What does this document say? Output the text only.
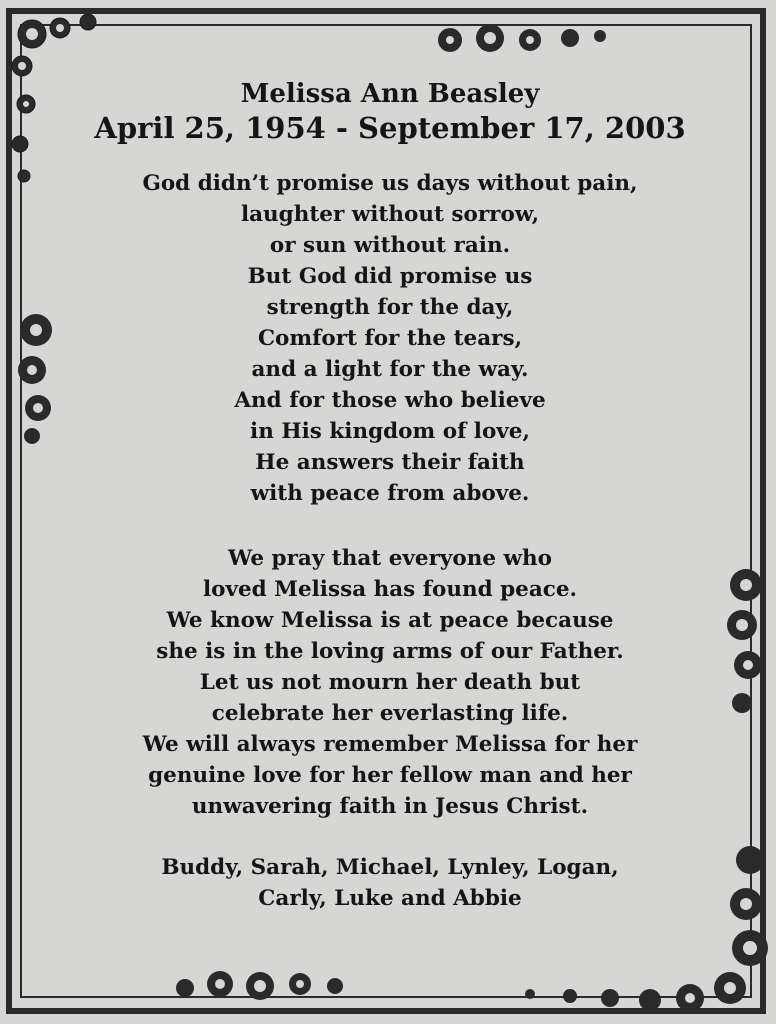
Melissa Ann Beasley

April 25, 1954 - September 17, 2003

God didn’t promise us days without pain,
laughter without sorrow,
or sun without rain.
But God did promise us
strength for the day,
Comfort for the tears,
and a light for the way.
And for those who believe
in His kingdom of love,
He answers their faith
with peace from above.
We pray that everyone who
loved Melissa has found peace.
We know Melissa is at peace because
she is in the loving arms of our Father.
Let us not mourn her death but
celebrate her everlasting life.
We will always remember Melissa for her
genuine love for her fellow man and her
unwavering faith in Jesus Christ.
Buddy, Sarah, Michael, Lynley, Logan,
Carly, Luke and Abbie
